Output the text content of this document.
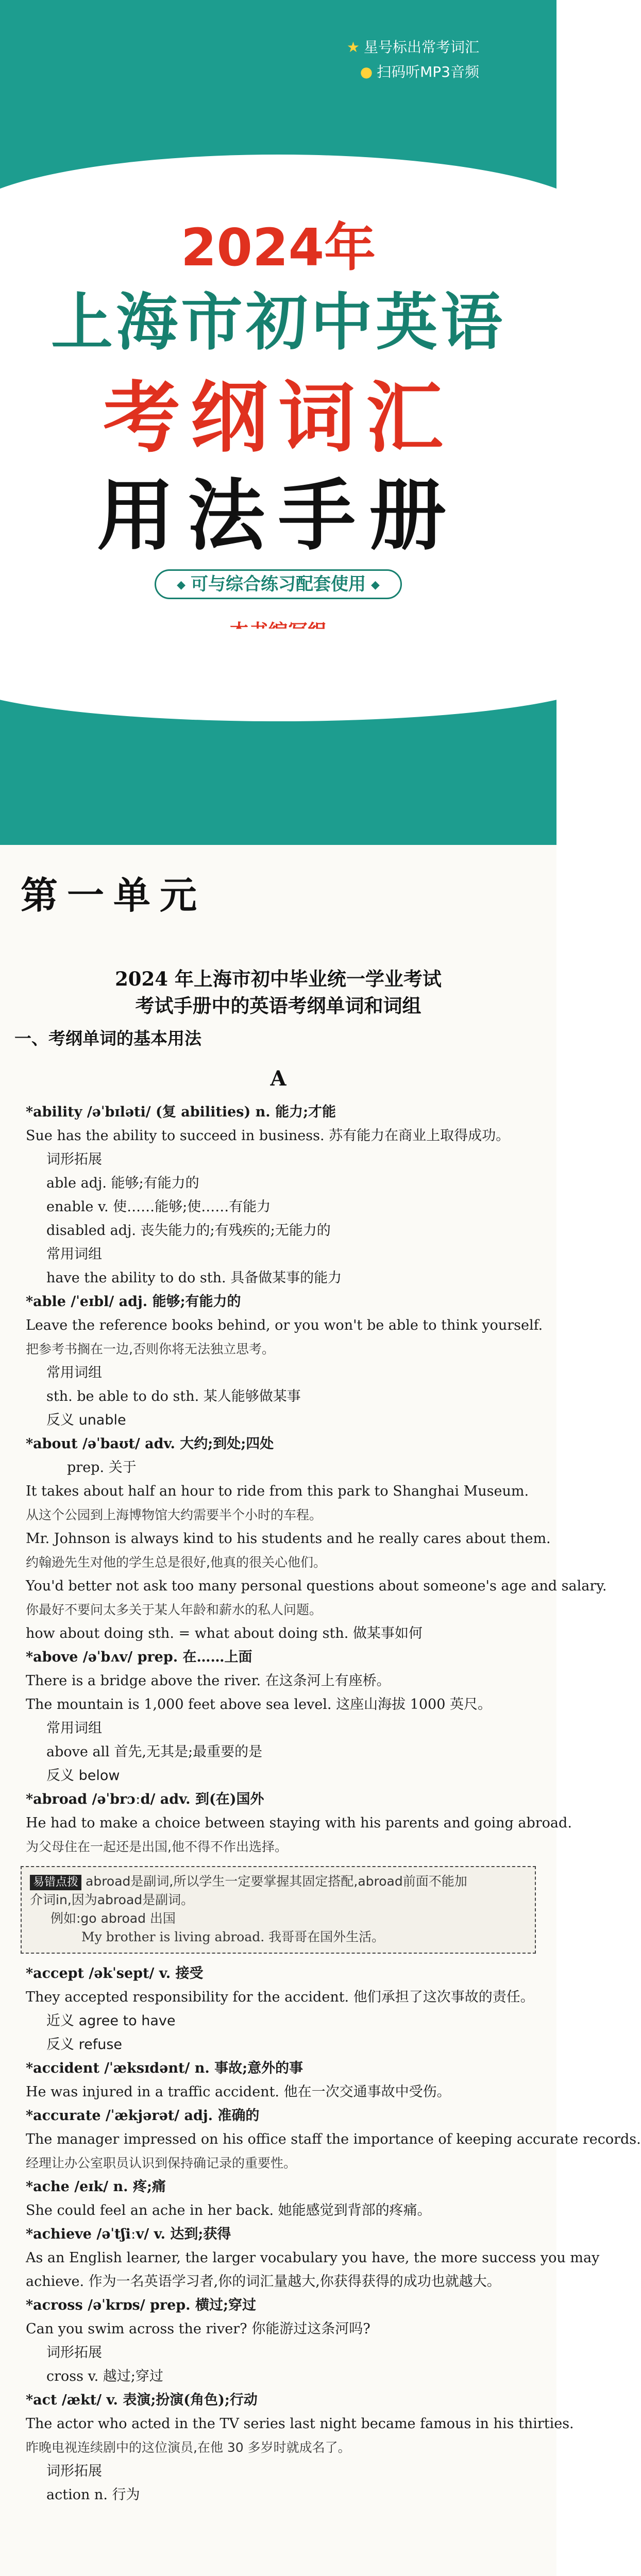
★ 星号标出常考词汇
● 扫码听MP3音频
2024年
上海市初中英语
考纲词汇
用法手册
◆ 可与综合练习配套使用 ◆
第一单元
2024 年上海市初中毕业统一学业考试
考试手册中的英语考纲单词和词组
一、考纲单词的基本用法
A
*ability /əˈbɪləti/ (复 abilities) n. 能力;才能
Sue has the ability to succeed in business. 苏有能力在商业上取得成功。
词形拓展
able adj. 能够;有能力的
enable v. 使……能够;使……有能力
disabled adj. 丧失能力的;有残疾的;无能力的
常用词组
have the ability to do sth. 具备做某事的能力
*able /ˈeɪbl/ adj. 能够;有能力的
Leave the reference books behind, or you won't be able to think yourself.
把参考书搁在一边,否则你将无法独立思考。
常用词组
sth. be able to do sth. 某人能够做某事
反义 unable
*about /əˈbaʊt/ adv. 大约;到处;四处
prep. 关于
It takes about half an hour to ride from this park to Shanghai Museum.
从这个公园到上海博物馆大约需要半个小时的车程。
Mr. Johnson is always kind to his students and he really cares about them.
约翰逊先生对他的学生总是很好,他真的很关心他们。
You'd better not ask too many personal questions about someone's age and salary.
你最好不要问太多关于某人年龄和薪水的私人问题。
how about doing sth. = what about doing sth. 做某事如何
*above /əˈbʌv/ prep. 在……上面
There is a bridge above the river. 在这条河上有座桥。
The mountain is 1,000 feet above sea level. 这座山海拔 1000 英尺。
常用词组
above all 首先,无其是;最重要的是
反义 below
*abroad /əˈbrɔːd/ adv. 到(在)国外
He had to make a choice between staying with his parents and going abroad.
为父母住在一起还是出国,他不得不作出选择。
易错点拨 abroad是副词,所以学生一定要掌握其固定搭配,abroad前面不能加
介词in,因为abroad是副词。
例如:go abroad 出国
My brother is living abroad. 我哥哥在国外生活。
*accept /əkˈsept/ v. 接受
They accepted responsibility for the accident. 他们承担了这次事故的责任。
近义 agree to have
反义 refuse
*accident /ˈæksɪdənt/ n. 事故;意外的事
He was injured in a traffic accident. 他在一次交通事故中受伤。
*accurate /ˈækjərət/ adj. 准确的
The manager impressed on his office staff the importance of keeping accurate records.
经理让办公室职员认识到保持确记录的重要性。
*ache /eɪk/ n. 疼;痛
She could feel an ache in her back. 她能感觉到背部的疼痛。
*achieve /əˈtʃiːv/ v. 达到;获得
As an English learner, the larger vocabulary you have, the more success you may
achieve. 作为一名英语学习者,你的词汇量越大,你获得获得的成功也就越大。
*across /əˈkrɒs/ prep. 横过;穿过
Can you swim across the river? 你能游过这条河吗?
词形拓展
cross v. 越过;穿过
*act /ækt/ v. 表演;扮演(角色);行动
The actor who acted in the TV series last night became famous in his thirties.
昨晚电视连续剧中的这位演员,在他 30 多岁时就成名了。
词形拓展
action n. 行为
